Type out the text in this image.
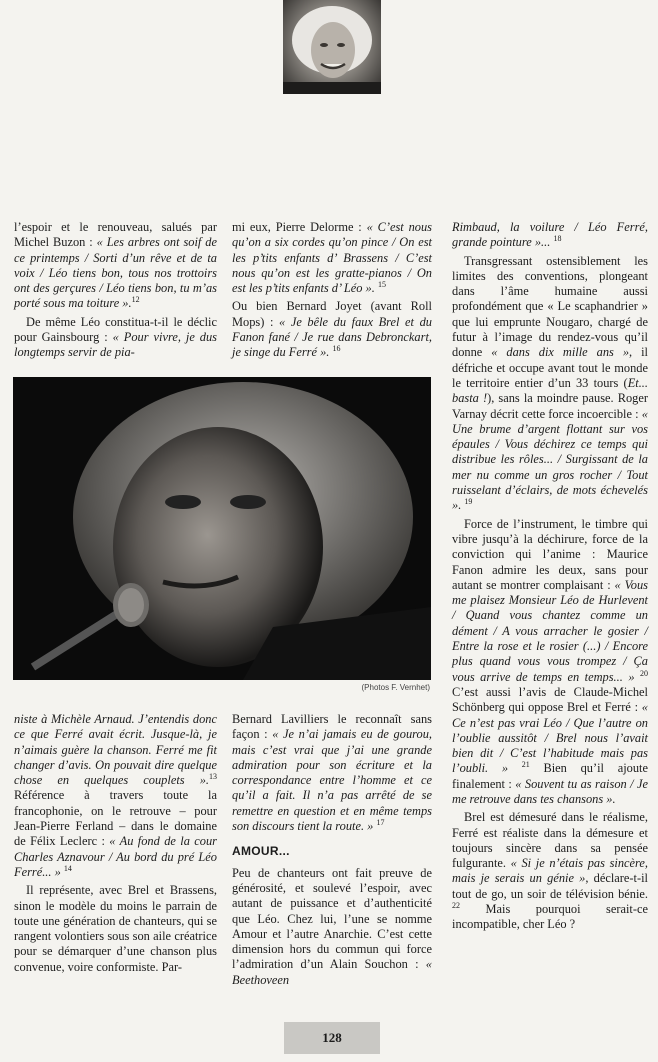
l’espoir et le renouveau, salués par Michel Buzon : « Les arbres ont soif de ce printemps / Sorti d’un rêve et de ta voix / Léo tiens bon, tous nos trottoirs ont des gerçures / Léo tiens bon, tu m’as porté sous ma toiture ».$^{12}$

De même Léo constitua-t-il le déclic pour Gainsbourg : « Pour vivre, je dus longtemps servir de pia-

mi eux, Pierre Delorme : « C’est nous qu’on a six cordes qu’on pince / On est les p’tits enfants d’ Brassens / C’est nous qu’on est les gratte-pianos / On est les p’tits enfants d’ Léo ». $^{15}$

Ou bien Bernard Joyet (avant Roll Mops) : « Je bêle du faux Brel et du Fanon fané / Je rue dans Debronckart, je singe du Ferré ». $^{16}$

Rimbaud, la voilure / Léo Ferré, grande pointure »... $^{18}$

Transgressant ostensiblement les limites des conventions, plongeant dans l’âme humaine aussi profondément que « Le scaphandrier » que lui emprunte Nougaro, chargé de futur à l’image du rendez-vous qu’il donne « dans dix mille ans », il défriche et occupe avant tout le monde le territoire entier d’un 33 tours (Et... basta !), sans la moindre pause. Roger Varnay décrit cette force incoercible : « Une brume d’argent flottant sur vos épaules / Vous déchirez ce temps qui distribue les rôles... / Surgissant de la mer nu comme un gros rocher / Tout ruisselant d’éclairs, de mots échevelés ». $^{19}$

Force de l’instrument, le timbre qui vibre jusqu’à la déchirure, force de la conviction qui l’anime : Maurice Fanon admire les deux, sans pour autant se montrer complaisant : « Vous me plaisez Monsieur Léo de Hurlevent / Quand vous chantez comme un dément / A vous arracher le gosier / Entre la rose et le rosier (...) / Encore plus quand vous vous trompez / Ça vous arrive de temps en temps... » $^{20}$ C’est aussi l’avis de Claude-Michel Schönberg qui oppose Brel et Ferré : « Ce n’est pas vrai Léo / Que l’autre on l’oublie aussitôt / Brel nous l’avait bien dit / C’est l’habitude mais pas l’oubli. » $^{21}$ Bien qu’il ajoute finalement : « Souvent tu as raison / Je me retrouve dans tes chansons ».

Brel est démesuré dans le réalisme, Ferré est réaliste dans la démesure et toujours sincère dans sa pensée fulgurante. « Si je n’étais pas sincère, mais je serais un génie », déclare-t-il tout de go, un soir de télévision bénie. $^{22}$ Mais pourquoi serait-ce incompatible, cher Léo ?

(Photos F. Vernhet)

niste à Michèle Arnaud. J’entendis donc ce que Ferré avait écrit. Jusque-là, je n’aimais guère la chanson. Ferré me fit changer d’avis. On pouvait dire quelque chose en quelques couplets ».$^{13}$ Référence à travers toute la francophonie, on le retrouve – pour Jean-Pierre Ferland – dans le domaine de Félix Leclerc : « Au fond de la cour Charles Aznavour / Au bord du pré Léo Ferré... » $^{14}$

Il représente, avec Brel et Brassens, sinon le modèle du moins le parrain de toute une génération de chanteurs, qui se rangent volontiers sous son aile créatrice pour se démarquer d’une chanson plus convenue, voire conformiste. Par-

Bernard Lavilliers le reconnaît sans façon : « Je n’ai jamais eu de gourou, mais c’est vrai que j’ai une grande admiration pour son écriture et la correspondance entre l’homme et ce qu’il a fait. Il n’a pas arrêté de se remettre en question et en même temps son discours tient la route. » $^{17}$

AMOUR...

Peu de chanteurs ont fait preuve de générosité, et soulevé l’espoir, avec autant de puissance et d’authenticité que Léo. Chez lui, l’une se nomme Amour et l’autre Anarchie. C’est cette dimension hors du commun qui force l’admiration d’un Alain Souchon : « Beethoveen

128
